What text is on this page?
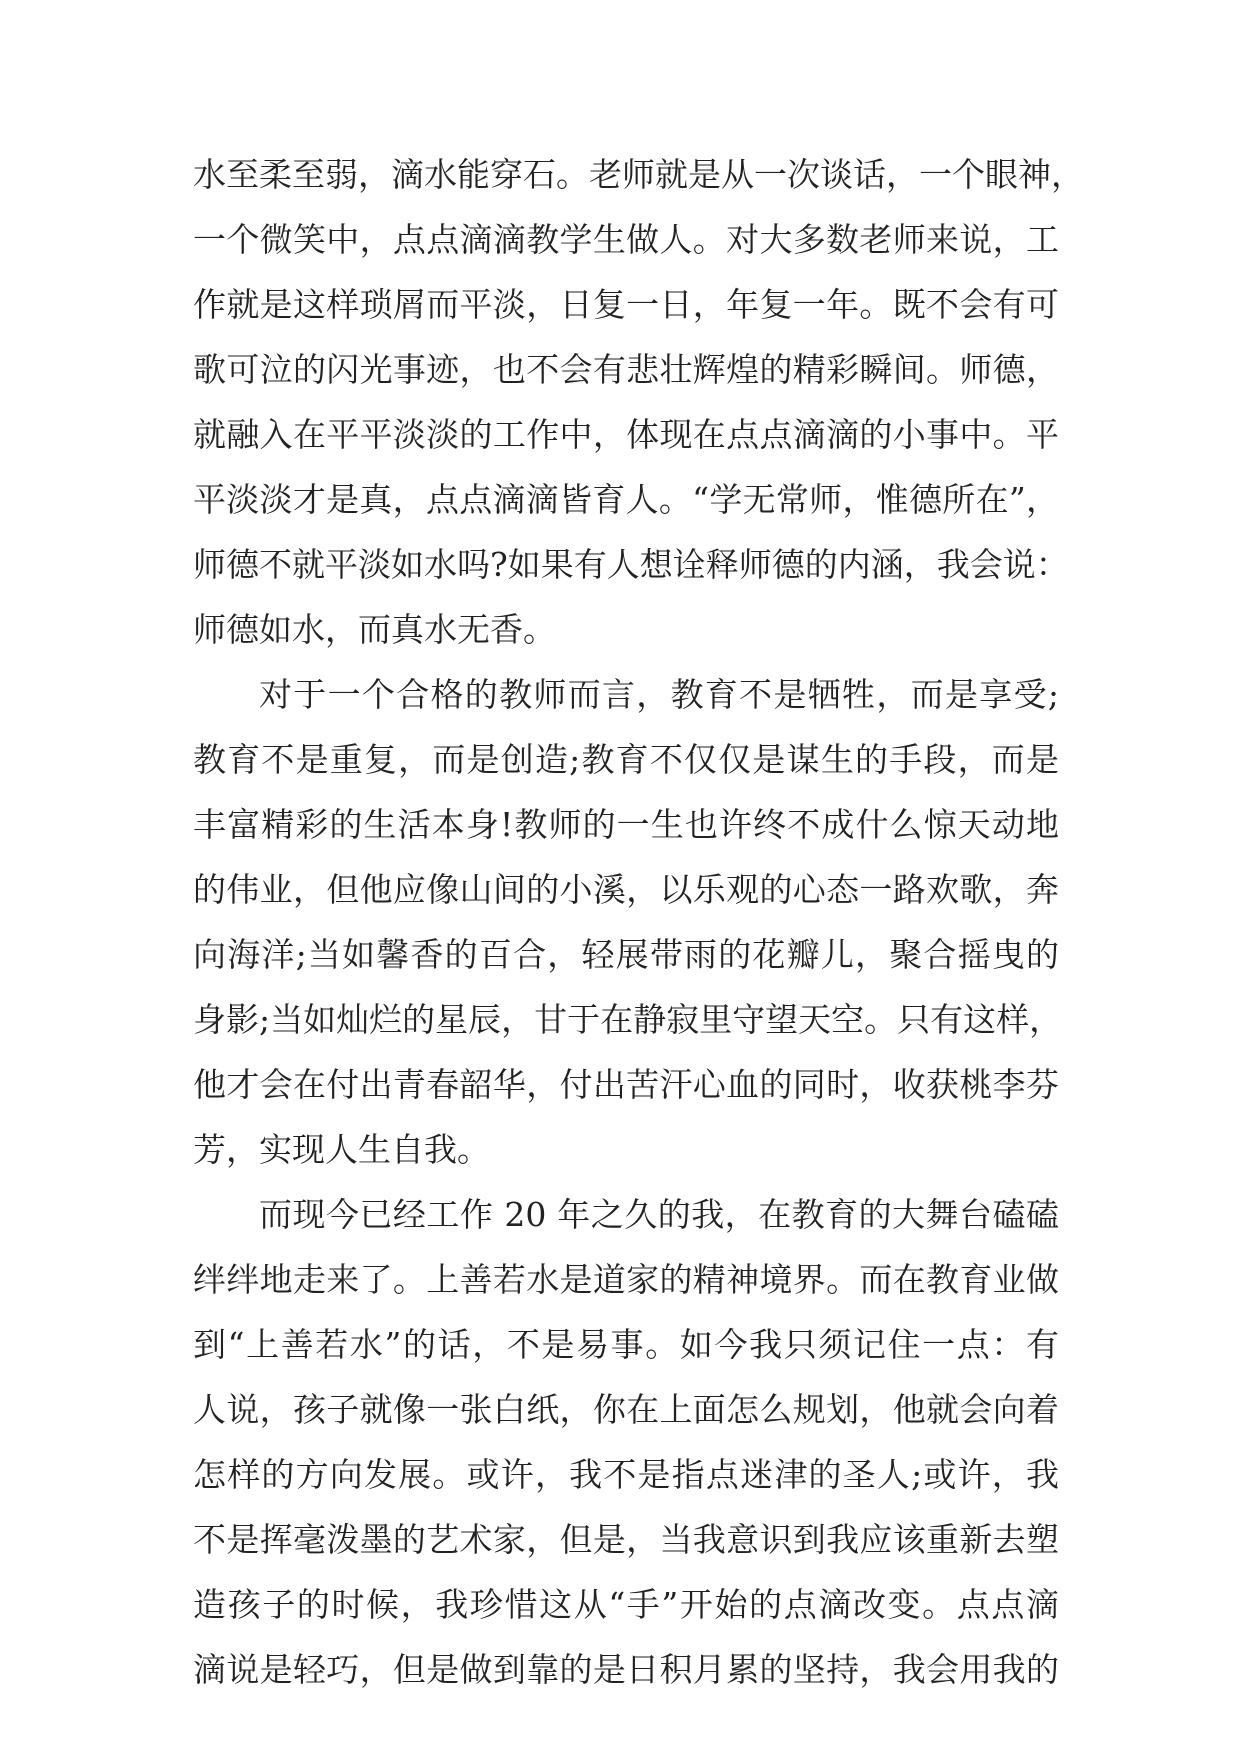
水至柔至弱，滴水能穿石。老师就是从一次谈话，一个眼神，
一个微笑中，点点滴滴教学生做人。对大多数老师来说，工
作就是这样琐屑而平淡，日复一日，年复一年。既不会有可
歌可泣的闪光事迹，也不会有悲壮辉煌的精彩瞬间。师德，
就融入在平平淡淡的工作中，体现在点点滴滴的小事中。平
平淡淡才是真，点点滴滴皆育人。“学无常师，惟德所在”，
师德不就平淡如水吗?如果有人想诠释师德的内涵，我会说：
师德如水，而真水无香。
对于一个合格的教师而言，教育不是牺牲，而是享受;
教育不是重复，而是创造;教育不仅仅是谋生的手段，而是
丰富精彩的生活本身!教师的一生也许终不成什么惊天动地
的伟业，但他应像山间的小溪，以乐观的心态一路欢歌，奔
向海洋;当如馨香的百合，轻展带雨的花瓣儿，聚合摇曳的
身影;当如灿烂的星辰，甘于在静寂里守望天空。只有这样，
他才会在付出青春韶华，付出苦汗心血的同时，收获桃李芬
芳，实现人生自我。
而现今已经工作 20 年之久的我，在教育的大舞台磕磕
绊绊地走来了。上善若水是道家的精神境界。而在教育业做
到“上善若水”的话，不是易事。如今我只须记住一点：有
人说，孩子就像一张白纸，你在上面怎么规划，他就会向着
怎样的方向发展。或许，我不是指点迷津的圣人;或许，我
不是挥毫泼墨的艺术家，但是，当我意识到我应该重新去塑
造孩子的时候，我珍惜这从“手”开始的点滴改变。点点滴
滴说是轻巧，但是做到靠的是日积月累的坚持，我会用我的
